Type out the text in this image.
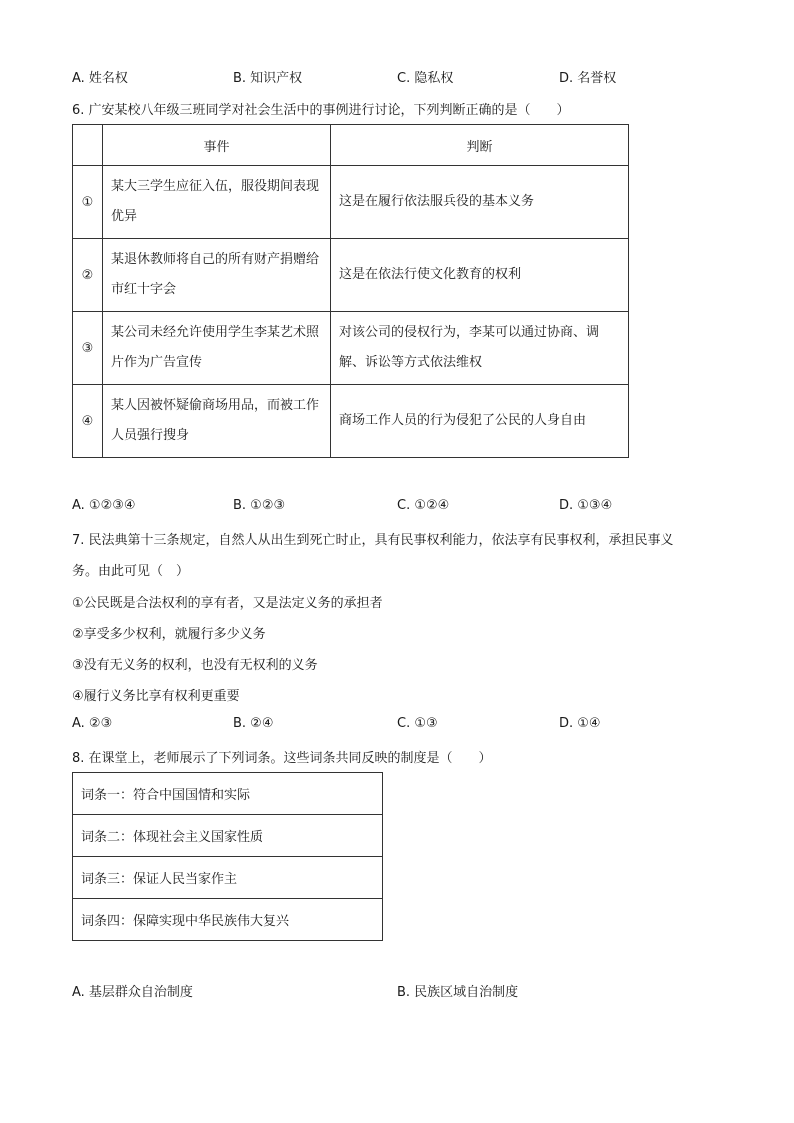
A. 姓名权	B. 知识产权	C. 隐私权	D. 名誉权
6. 广安某校八年级三班同学对社会生活中的事例进行讨论，下列判断正确的是（　　）
	事件	判断
①	某大三学生应征入伍，服役期间表现优异	这是在履行依法服兵役的基本义务
②	某退休教师将自己的所有财产捐赠给市红十字会	这是在依法行使文化教育的权利
③	某公司未经允许使用学生李某艺术照片作为广告宣传	对该公司的侵权行为，李某可以通过协商、调解、诉讼等方式依法维权
④	某人因被怀疑偷商场用品，而被工作人员强行搜身	商场工作人员的行为侵犯了公民的人身自由
A. ①②③④	B. ①②③	C. ①②④	D. ①③④
7. 民法典第十三条规定，自然人从出生到死亡时止，具有民事权利能力，依法享有民事权利，承担民事义
务。由此可见（　）
①公民既是合法权利的享有者，又是法定义务的承担者
②享受多少权利，就履行多少义务
③没有无义务的权利，也没有无权利的义务
④履行义务比享有权利更重要
A. ②③	B. ②④	C. ①③	D. ①④
8. 在课堂上，老师展示了下列词条。这些词条共同反映的制度是（　　）
词条一：符合中国国情和实际
词条二：体现社会主义国家性质
词条三：保证人民当家作主
词条四：保障实现中华民族伟大复兴
A. 基层群众自治制度	B. 民族区域自治制度
